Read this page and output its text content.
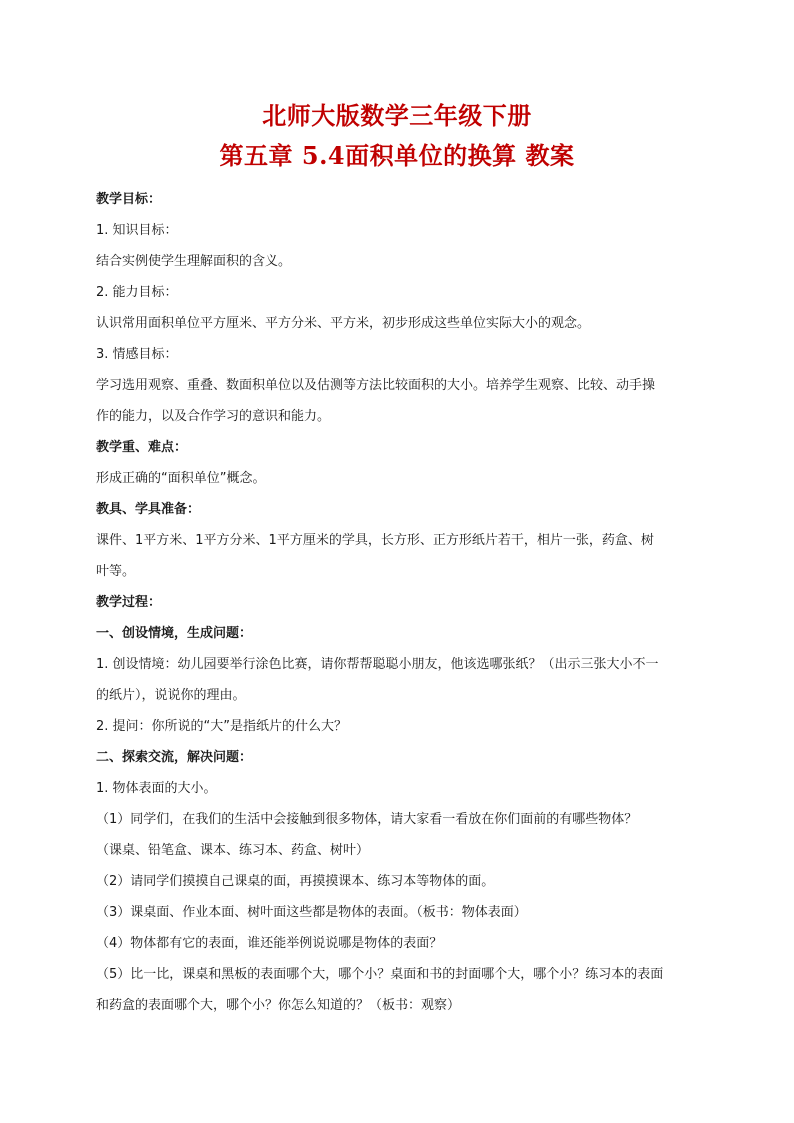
北师大版数学三年级下册
第五章 5.4面积单位的换算 教案
教学目标：
1. 知识目标：
结合实例使学生理解面积的含义。
2. 能力目标：
认识常用面积单位平方厘米、平方分米、平方米，初步形成这些单位实际大小的观念。
3. 情感目标：
学习选用观察、重叠、数面积单位以及估测等方法比较面积的大小。培养学生观察、比较、动手操
作的能力，以及合作学习的意识和能力。
教学重、难点：
形成正确的“面积单位”概念。
教具、学具准备：
课件、1平方米、1平方分米、1平方厘米的学具，长方形、正方形纸片若干，相片一张，药盒、树
叶等。
教学过程：
一、创设情境，生成问题：
1. 创设情境：幼儿园要举行涂色比赛，请你帮帮聪聪小朋友，他该选哪张纸？（出示三张大小不一
的纸片），说说你的理由。
2. 提问：你所说的“大”是指纸片的什么大？
二、探索交流，解决问题：
1. 物体表面的大小。
（1）同学们，在我们的生活中会接触到很多物体，请大家看一看放在你们面前的有哪些物体？
（课桌、铅笔盒、课本、练习本、药盒、树叶）
（2）请同学们摸摸自己课桌的面，再摸摸课本、练习本等物体的面。
（3）课桌面、作业本面、树叶面这些都是物体的表面。（板书：物体表面）
（4）物体都有它的表面，谁还能举例说说哪是物体的表面？
（5）比一比，课桌和黑板的表面哪个大，哪个小？桌面和书的封面哪个大，哪个小？练习本的表面
和药盒的表面哪个大，哪个小？你怎么知道的？（板书：观察）
